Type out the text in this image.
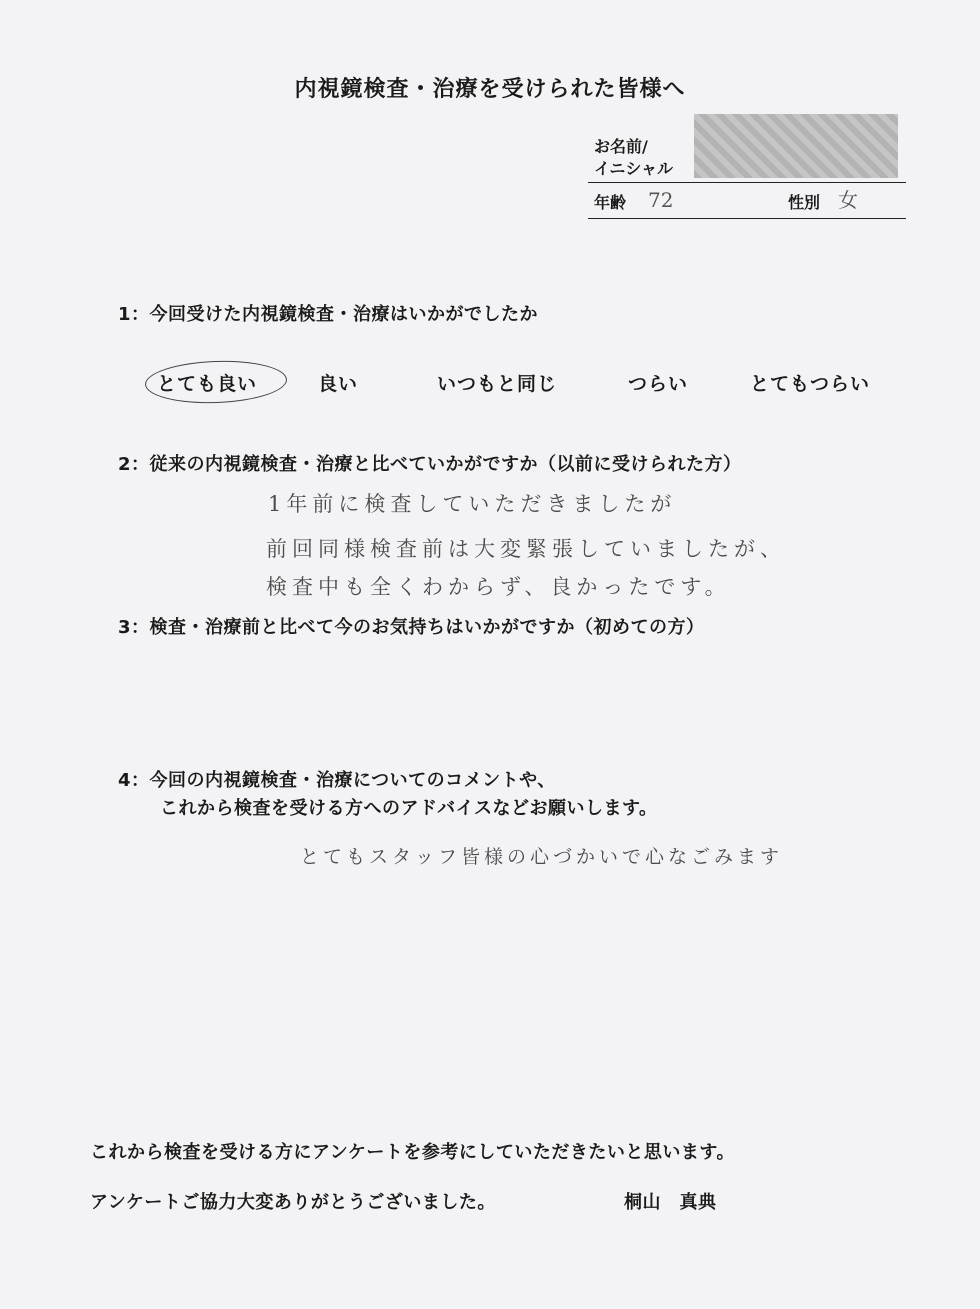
内視鏡検査・治療を受けられた皆様へ
お名前/
イニシャル
年齢 72	性別 女
1：今回受けた内視鏡検査・治療はいかがでしたか
とても良い	良い	いつもと同じ	つらい	とてもつらい
2：従来の内視鏡検査・治療と比べていかがですか（以前に受けられた方）
1年前に検査していただきましたが
前回同様検査前は大変緊張していましたが、
検査中も全くわからず、良かったです。
3：検査・治療前と比べて今のお気持ちはいかがですか（初めての方）
4：今回の内視鏡検査・治療についてのコメントや、
これから検査を受ける方へのアドバイスなどお願いします。
とてもスタッフ皆様の心づかいで心なごみます
これから検査を受ける方にアンケートを参考にしていただきたいと思います。
アンケートご協力大変ありがとうございました。	桐山　真典
